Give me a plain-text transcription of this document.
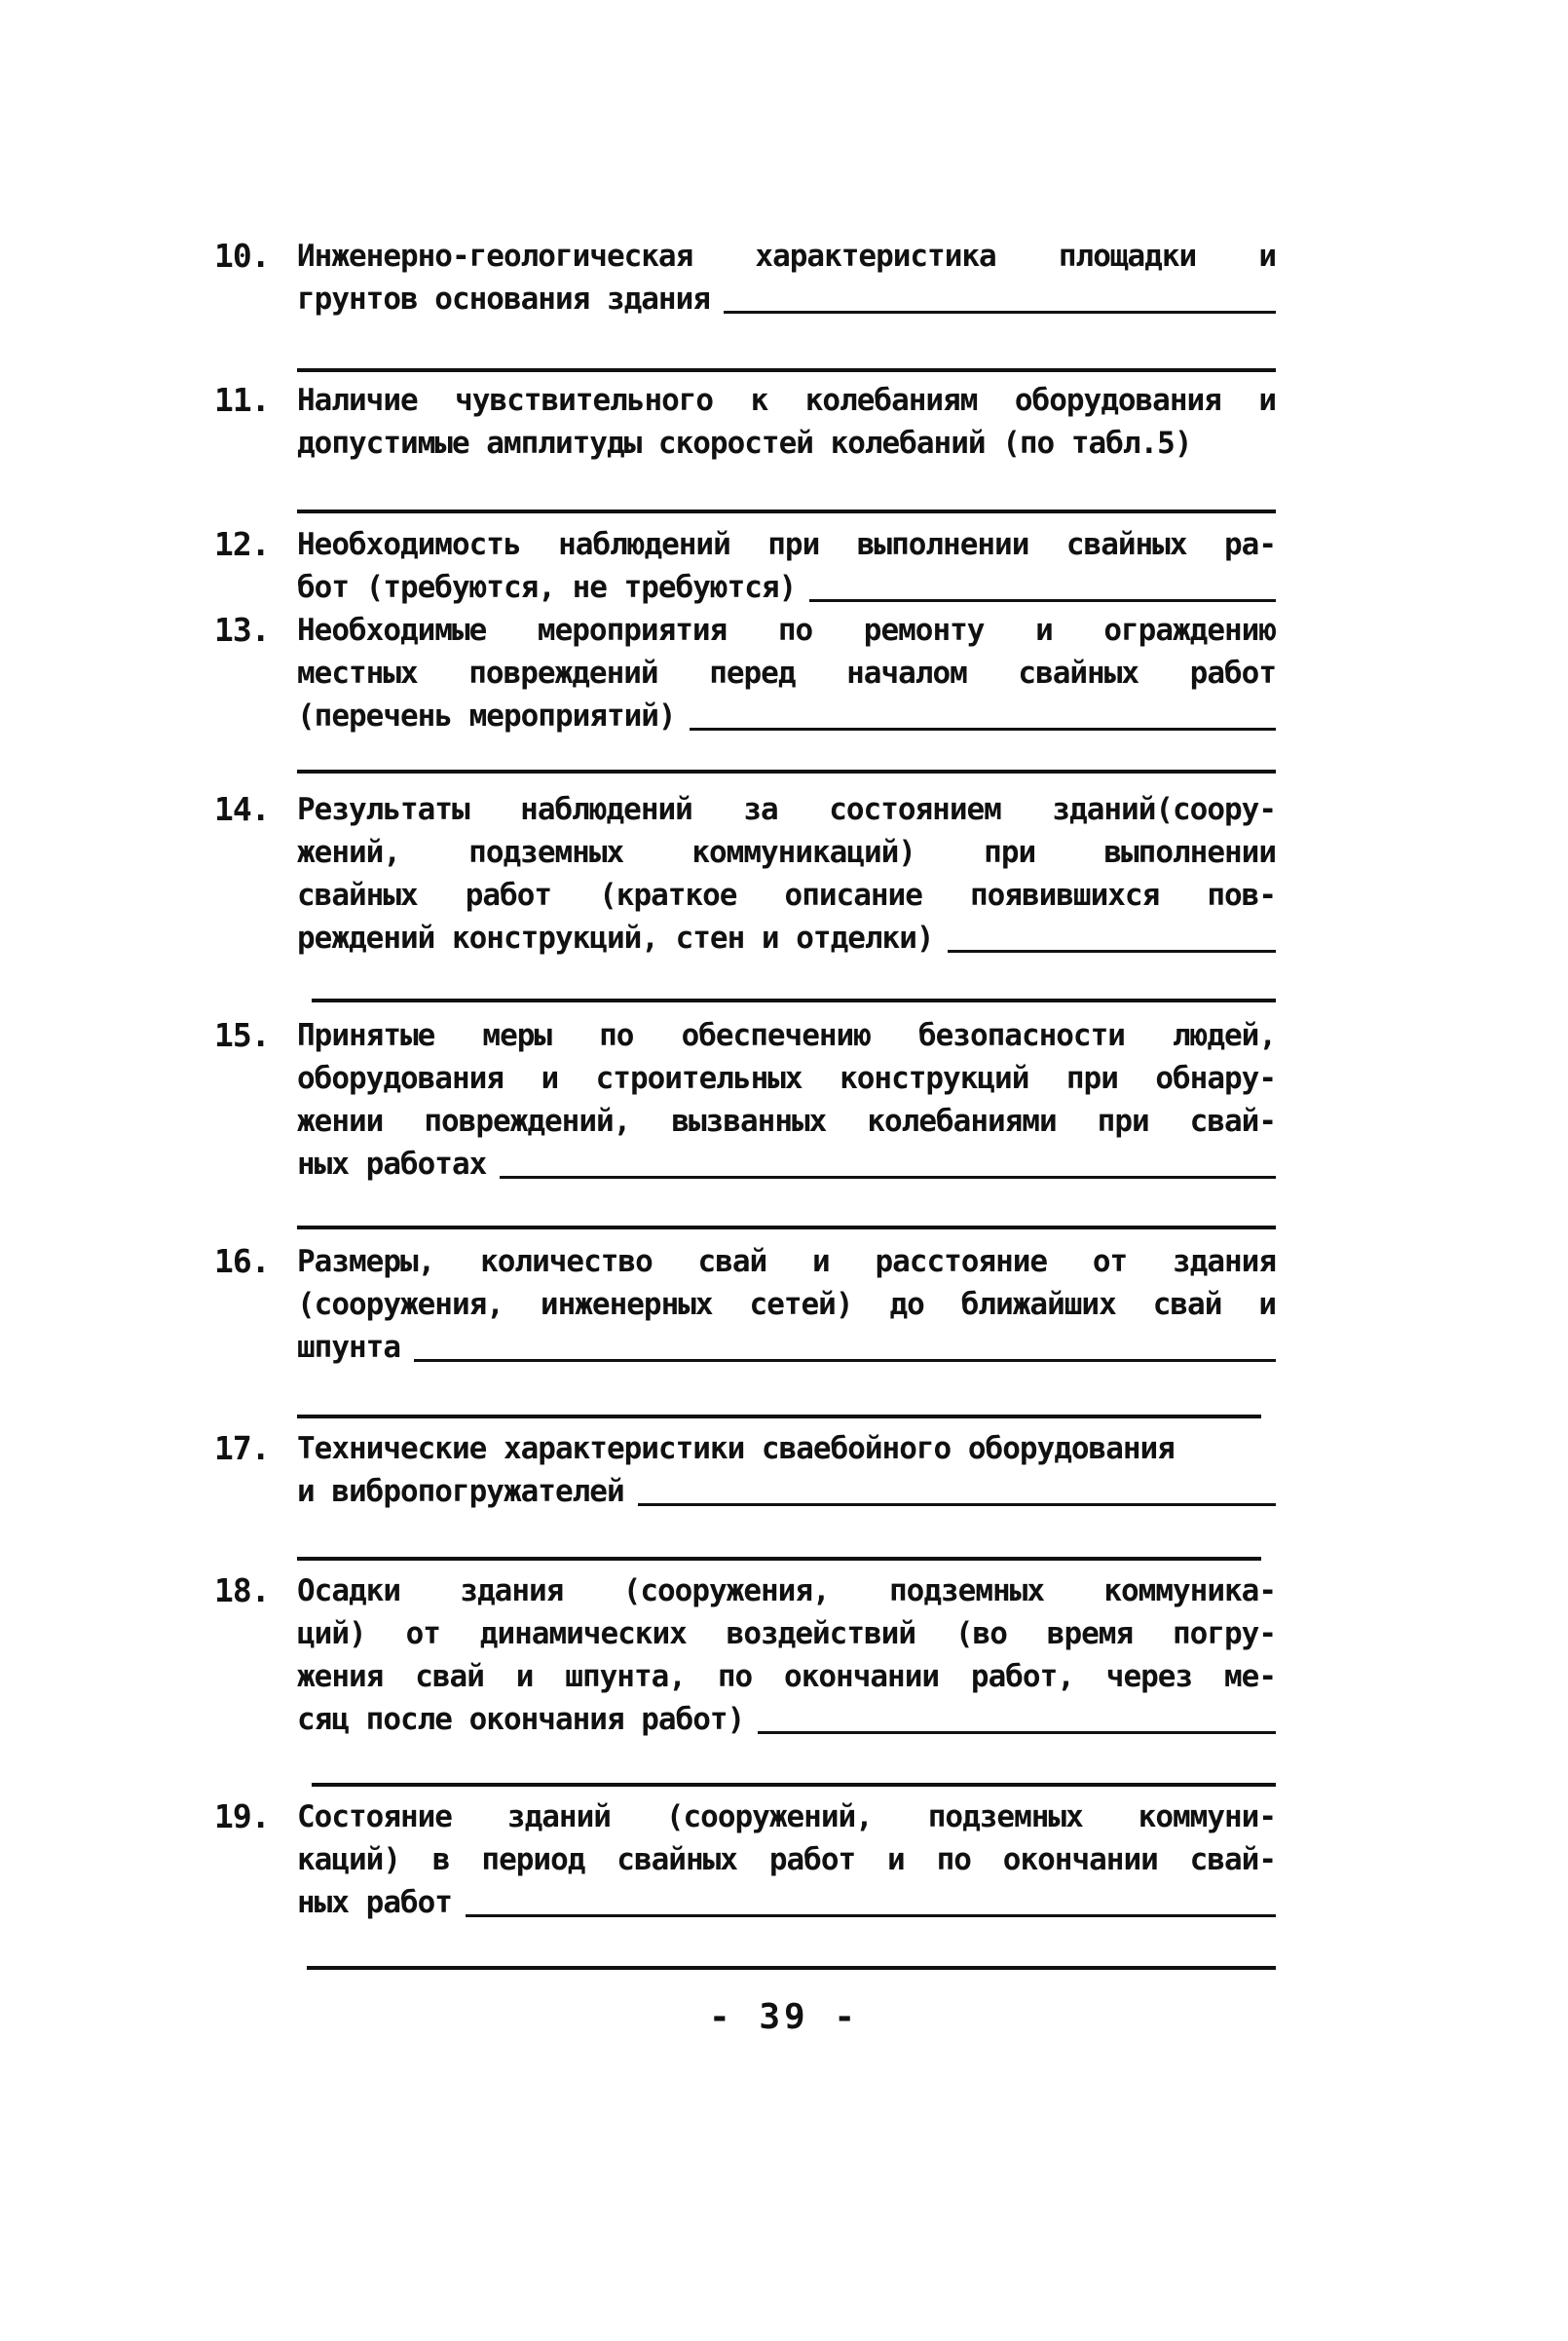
10. Инженерно-геологическая характеристика площадки и
грунтов основания здания
11. Наличие чувствительного к колебаниям оборудования и
допустимые амплитуды скоростей колебаний (по табл.5)
12. Необходимость наблюдений при выполнении свайных ра-
бот (требуются, не требуются)
13. Необходимые мероприятия по ремонту и ограждению
местных повреждений перед началом свайных работ
(перечень мероприятий)
14. Результаты наблюдений за состоянием зданий(соору-
жений, подземных коммуникаций) при выполнении
свайных работ (краткое описание появившихся пов-
реждений конструкций, стен и отделки)
15. Принятые меры по обеспечению безопасности людей,
оборудования и строительных конструкций при обнару-
жении повреждений, вызванных колебаниями при свай-
ных работах
16. Размеры, количество свай и расстояние от здания
(сооружения, инженерных сетей) до ближайших свай и
шпунта
17. Технические характеристики сваебойного оборудования
и вибропогружателей
18. Осадки здания (сооружения, подземных коммуника-
ций) от динамических воздействий (во время погру-
жения свай и шпунта, по окончании работ, через ме-
сяц после окончания работ)
19. Состояние зданий (сооружений, подземных коммуни-
каций) в период свайных работ и по окончании свай-
ных работ
- 39 -
